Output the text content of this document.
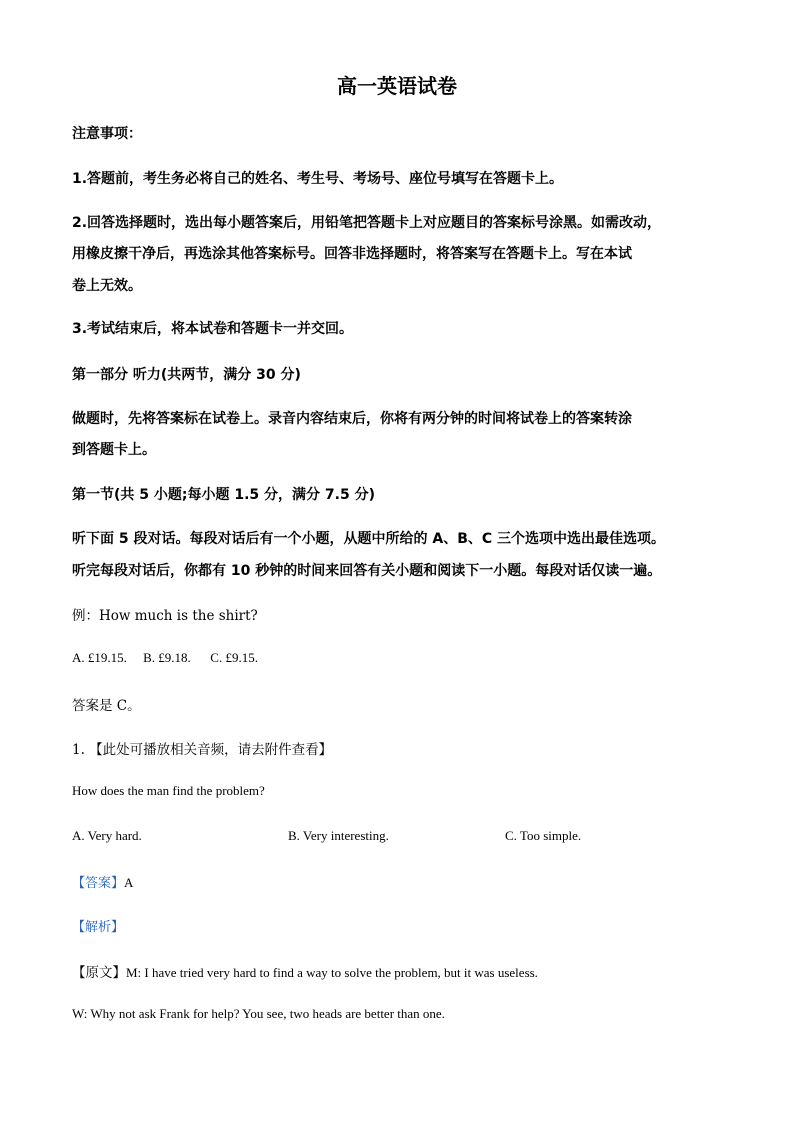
高一英语试卷
注意事项：
1.答题前，考生务必将自己的姓名、考生号、考场号、座位号填写在答题卡上。
2.回答选择题时，选出每小题答案后，用铅笔把答题卡上对应题目的答案标号涂黑。如需改动，
用橡皮擦干净后，再选涂其他答案标号。回答非选择题时，将答案写在答题卡上。写在本试
卷上无效。
3.考试结束后，将本试卷和答题卡一并交回。
第一部分 听力(共两节，满分 30 分)
做题时，先将答案标在试卷上。录音内容结束后，你将有两分钟的时间将试卷上的答案转涂
到答题卡上。
第一节(共 5 小题;每小题 1.5 分，满分 7.5 分)
听下面 5 段对话。每段对话后有一个小题，从题中所给的 A、B、C 三个选项中选出最佳选项。
听完每段对话后，你都有 10 秒钟的时间来回答有关小题和阅读下一小题。每段对话仅读一遍。
例：How much is the shirt?
A. £19.15.     B. £9.18.      C. £9.15.
答案是 C。
1. 【此处可播放相关音频，请去附件查看】
How does the man find the problem?
A. Very hard.	B. Very interesting.	C. Too simple.
【答案】A
【解析】
【原文】M: I have tried very hard to find a way to solve the problem, but it was useless.
W: Why not ask Frank for help? You see, two heads are better than one.
